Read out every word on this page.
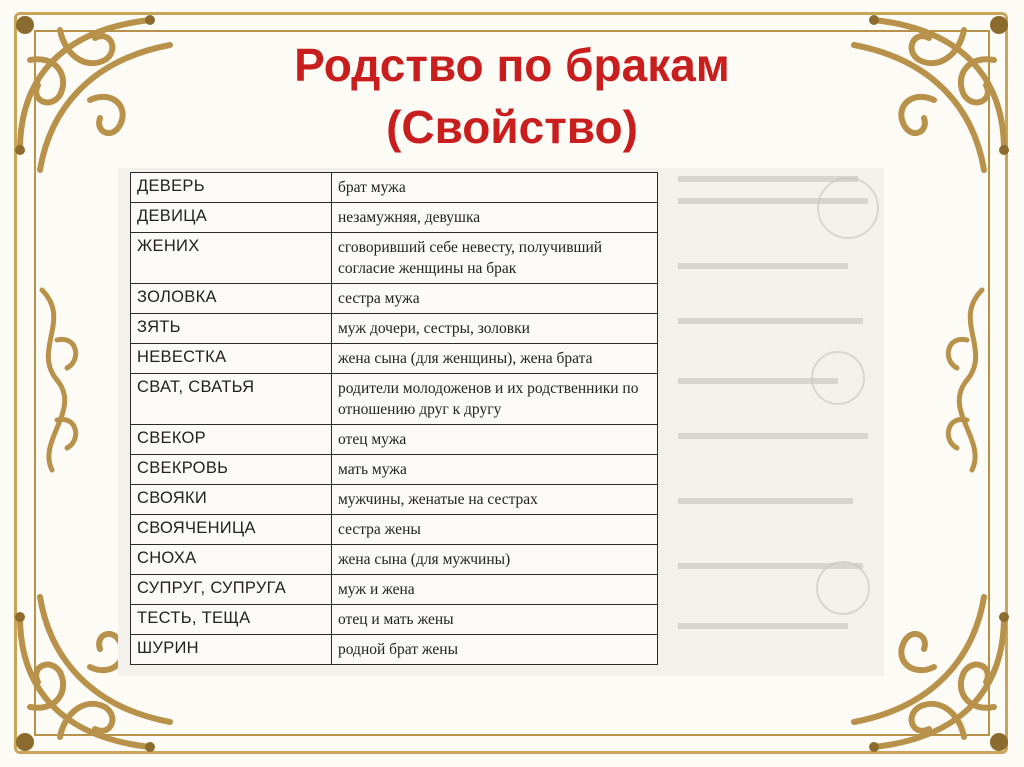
Родство по бракам
(Свойство)
ДЕВЕРЬ	брат мужа
ДЕВИЦА	незамужняя, девушка
ЖЕНИХ	сговоривший себе невесту, получивший согласие женщины на брак
ЗОЛОВКА	сестра мужа
ЗЯТЬ	муж дочери, сестры, золовки
НЕВЕСТКА	жена сына (для женщины), жена брата
СВАТ, СВАТЬЯ	родители молодоженов и их родственники по отношению друг к другу
СВЕКОР	отец мужа
СВЕКРОВЬ	мать мужа
СВОЯКИ	мужчины, женатые на сестрах
СВОЯЧЕНИЦА	сестра жены
СНОХА	жена сына (для мужчины)
СУПРУГ, СУПРУГА	муж и жена
ТЕСТЬ, ТЕЩА	отец и мать жены
ШУРИН	родной брат жены
